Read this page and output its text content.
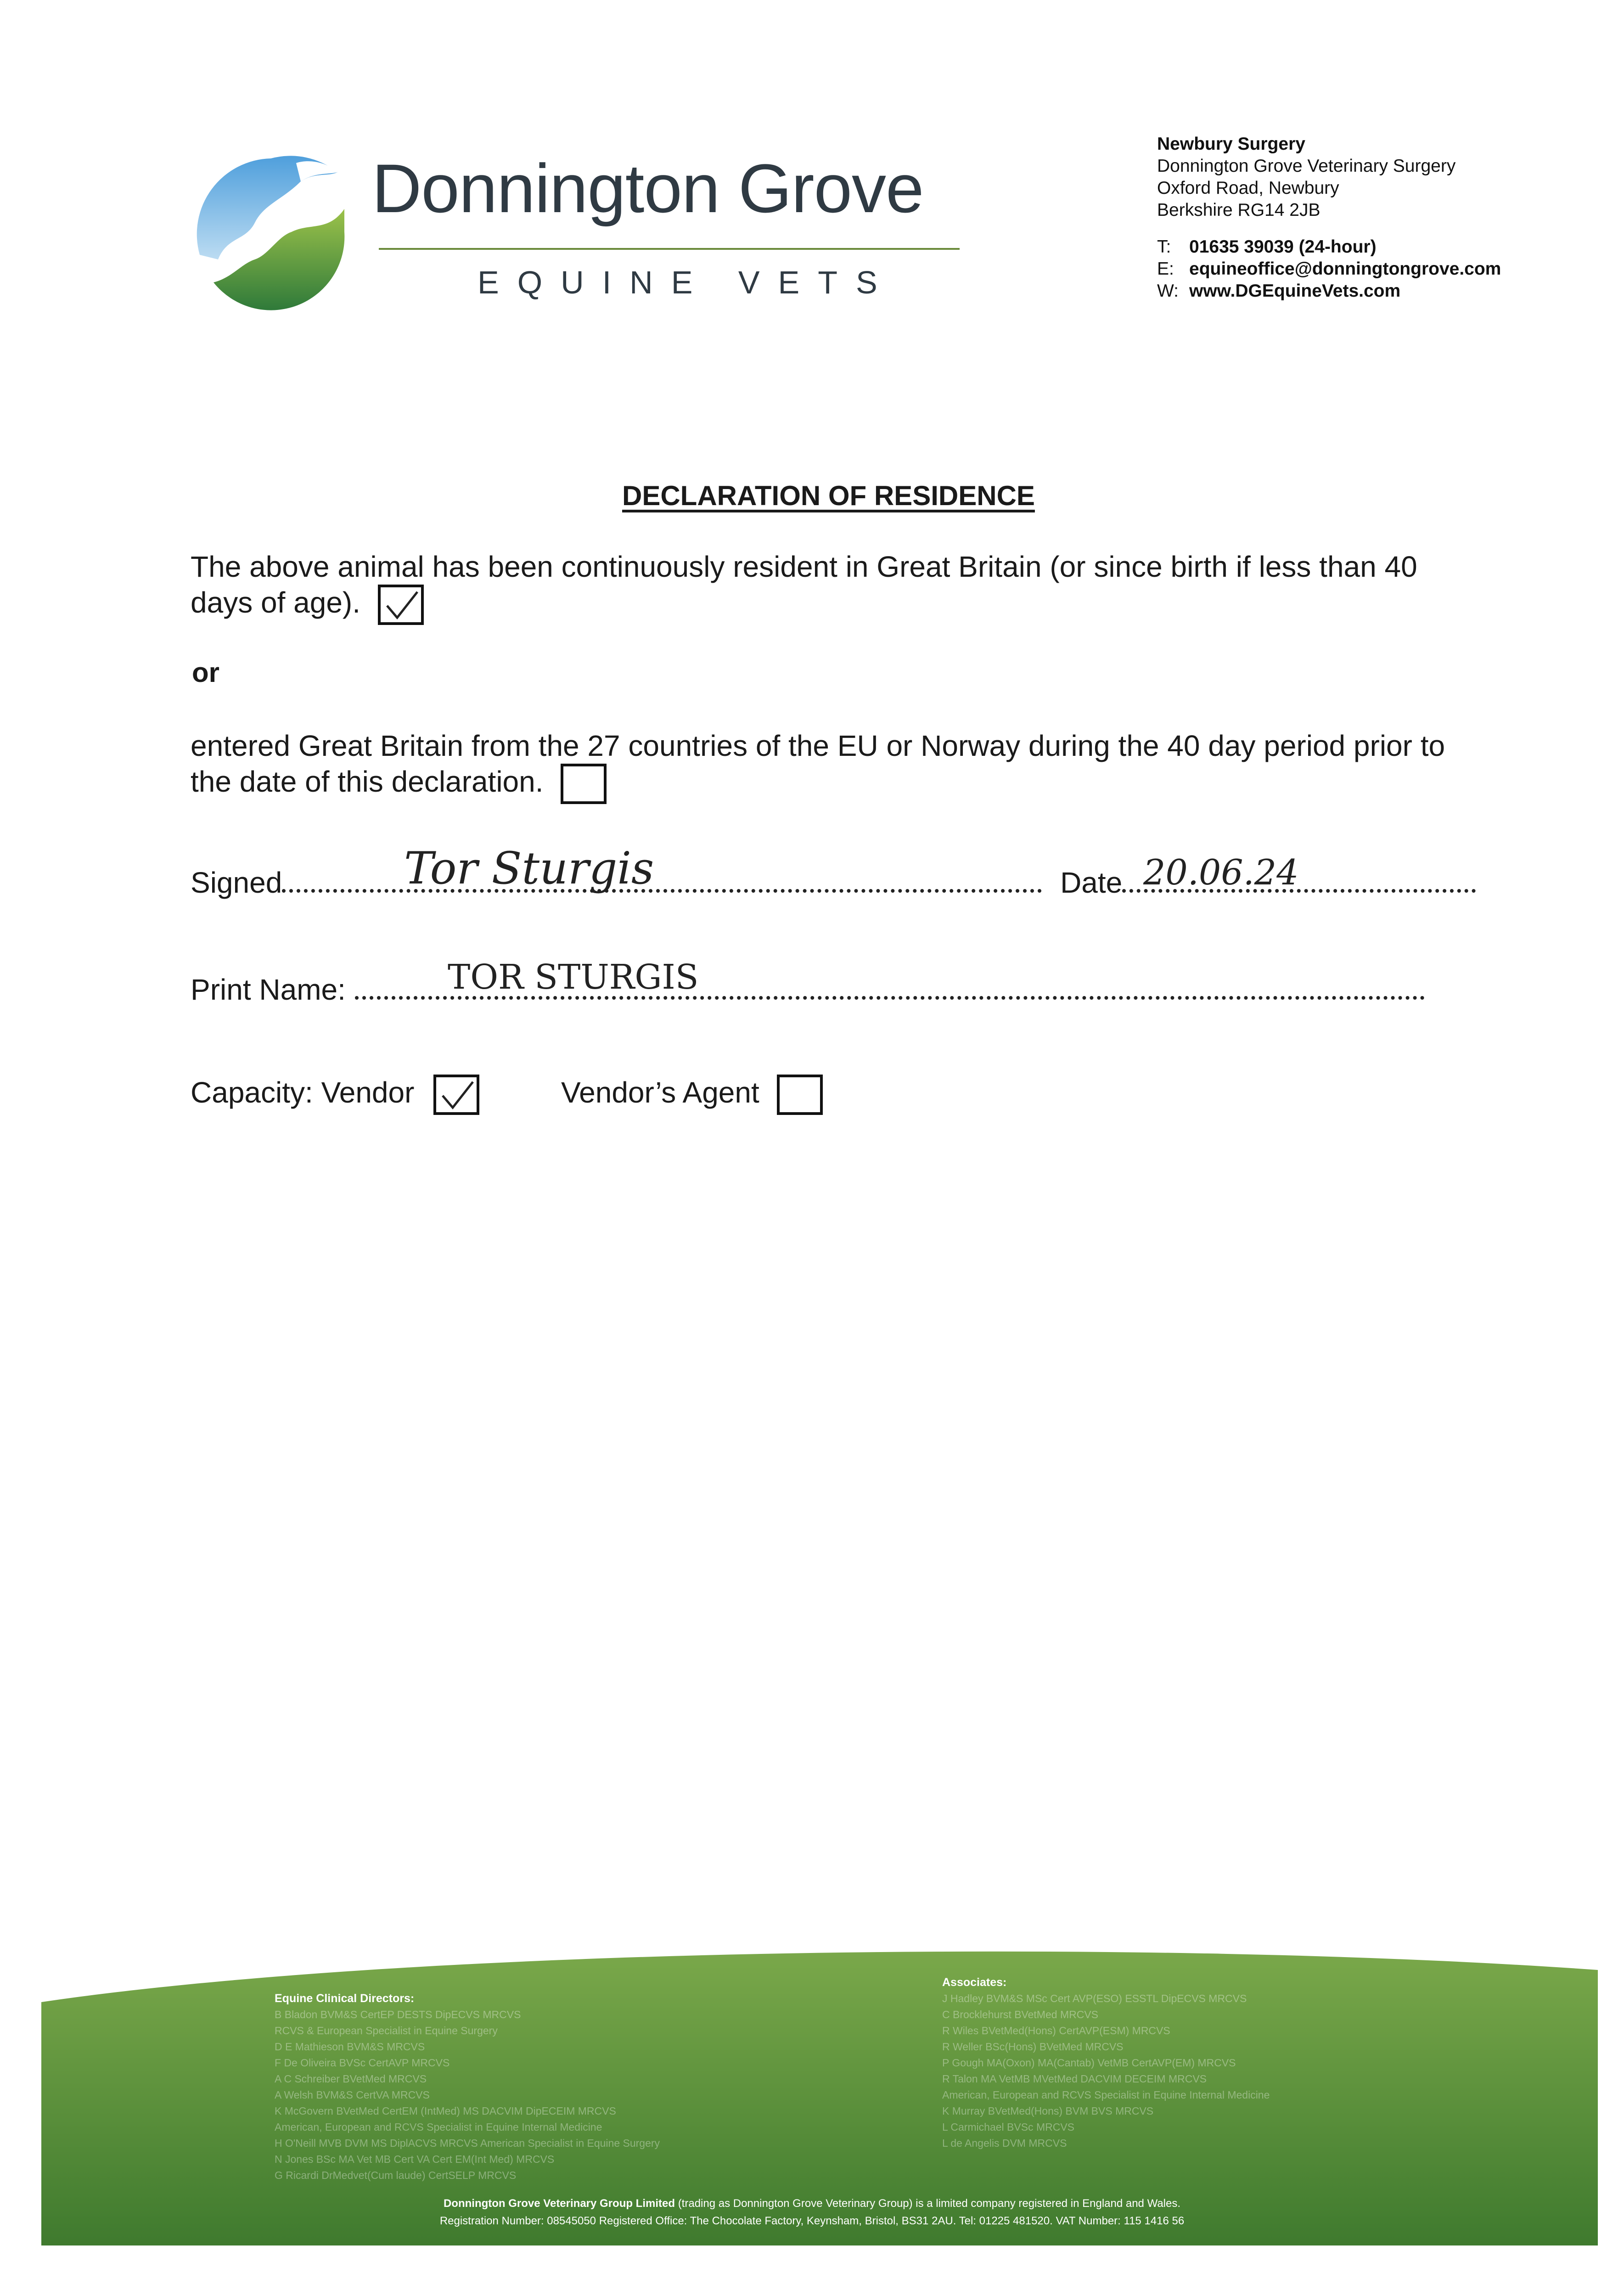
Donnington Grove
EQUINE VETS
Newbury Surgery
Donnington Grove Veterinary Surgery
Oxford Road, Newbury
Berkshire RG14 2JB
T: 01635 39039 (24-hour)
E: equineoffice@donningtongrove.com
W: www.DGEquineVets.com
DECLARATION OF RESIDENCE
The above animal has been continuously resident in Great Britain (or since birth if less than 40 days of age).
or
entered Great Britain from the 27 countries of the EU or Norway during the 40 day period prior to the date of this declaration.
Signed	Date
Tor Sturgis	20.06.24
Print Name:	TOR STURGIS
Capacity: Vendor	Vendor’s Agent
Equine Clinical Directors:
B Bladon BVM&S CertEP DESTS DipECVS MRCVS
RCVS & European Specialist in Equine Surgery
D E Mathieson BVM&S MRCVS
F De Oliveira BVSc CertAVP MRCVS
A C Schreiber BVetMed MRCVS
A Welsh BVM&S CertVA MRCVS
K McGovern BVetMed CertEM (IntMed) MS DACVIM DipECEIM MRCVS
American, European and RCVS Specialist in Equine Internal Medicine
H O'Neill MVB DVM MS DiplACVS MRCVS American Specialist in Equine Surgery
N Jones BSc MA Vet MB Cert VA Cert EM(Int Med) MRCVS
G Ricardi DrMedvet(Cum laude) CertSELP MRCVS
Associates:
J Hadley BVM&S MSc Cert AVP(ESO) ESSTL DipECVS MRCVS
C Brocklehurst BVetMed MRCVS
R Wiles BVetMed(Hons) CertAVP(ESM) MRCVS
R Weller BSc(Hons) BVetMed MRCVS
P Gough MA(Oxon) MA(Cantab) VetMB CertAVP(EM) MRCVS
R Talon MA VetMB MVetMed DACVIM DECEIM MRCVS
American, European and RCVS Specialist in Equine Internal Medicine
K Murray BVetMed(Hons) BVM BVS MRCVS
L Carmichael BVSc MRCVS
L de Angelis DVM MRCVS
Donnington Grove Veterinary Group Limited (trading as Donnington Grove Veterinary Group) is a limited company registered in England and Wales.
Registration Number: 08545050 Registered Office: The Chocolate Factory, Keynsham, Bristol, BS31 2AU. Tel: 01225 481520. VAT Number: 115 1416 56
